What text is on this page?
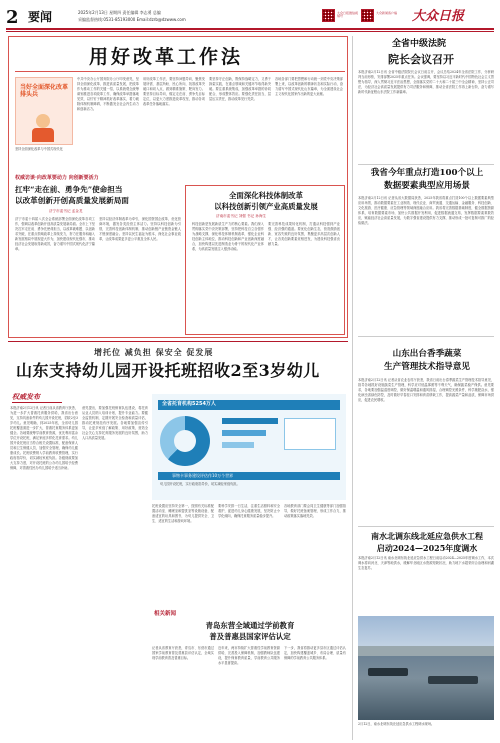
2 要闻	2025年2月13日 星期四 责任编辑 李志勇 总编
采编监督热线:0531-85193000 Email:dzrb@dzwww.com
大众日报微信视频号
大众新闻客户端 大众日报
用好改革工作法
当好全面深化改革排头兵
坚持全面深化改革与中国式现代化
中共中央办公厅国务院办公厅印发意见，坚持全面深化改革，推进高质量发展，把改革作为推动工作的关键一招，以系统观念统筹谋划推进各项改革工作，确保改革举措落地见效，以钉钉子精神抓好改革落实，着力破除体制机制障碍，不断激发全社会内生动力和创新活力。
用好改革工作法，要坚持问题导向，聚焦发展所需、基层所盼、民心所向，找准改革突破口和切入点，做到精准施策、靶向发力。要坚持目标导向，锚定走在前、勇争先目标定位，以更大力度推进改革攻坚，推动各项改革任务落地落实。
要坚持守正创新，既保持战略定力，又勇于探索实践，在重点领域和关键环节取得新突破。要注重系统集成，加强改革举措的协同配合，形成整体效应。要强化责任担当，层层压实责任，推动改革见行见效。
各地各部门要把思想和行动统一到党中央决策部署上来，以改革创新的精神状态和实际行动，奋力谱写中国式现代化山东篇章，为全面建设社会主义现代化国家作出新的更大贡献。
权威访谈·向改革要动力 向创新要活力
扛牢“走在前、勇争先”使命担当
以改革创新开创高质量发展新局面
济宁市委书记 孟金龙
济宁市委十四届八次全会系统部署全面深化改革各项工作，强调以改革创新开创高质量发展新局面。全市上下坚决扛牢走在前、勇争先使命担当，以改革破难题、以创新求突破，在重点领域改革上持续发力，努力在服务和融入新发展格局中展现更大作为，加快建设现代化强市，推动经济社会发展取得新成效，奋力谱写中国式现代化济宁篇章。
坚持以经济体制改革为牵引，深化国资国企改革，优化营商环境，激发各类经营主体活力。坚持以科技创新为引领，完善科技创新体制机制，推动创新链产业链资金链人才链深度融合。坚持以民生福祉为根本，深化社会事业改革，让改革成果更多更公平惠及全体人民。
全面深化科技体制改革
以科技创新引领产业高质量发展
济南市委书记 刘强 书记 孙海生
科技创新是发展新质生产力的核心要素。我们深入贯彻落实党中央决策部署，坚持把科技自立自强作为战略支撑，深化科技体制机制改革，强化企业科技创新主体地位，推动科技创新和产业创新深度融合，加快构建以先进制造业为骨干的现代化产业体系，为高质量发展注入强劲动能。
要完善科技成果转化机制，打通从科技强到产业强、经济强的通道。要优化创新生态，营造鼓励创新、宽容失败的良好氛围，集聚更多高层次创新人才，让各类创新要素竞相迸发，为建设科技强省贡献力量。
增托位 减负担 保安全 促发展
山东支持幼儿园开设托班招收2至3岁幼儿
权威发布
本报济南2月12日讯 记者日前从省教育厅获悉，为进一步扩大普惠托育服务供给，我省出台意见，支持具备条件的幼儿园开设托班，招收2至3岁幼儿。意见明确，到2025年底，全省幼儿园托班覆盖面进一步扩大，普惠托育服务体系更加健全。各地要统筹学前教育资源，优先利用富余学位开设托班，满足家庭多样化托育需求。幼儿园开设托班应当符合相关设置标准，配备保育人员和卫生保健人员，加强安全管理，确保幼儿健康成长。托班收费纳入学前教育收费管理，实行政府指导价，切实减轻家庭负担。各级财政要加大支持力度，对开设托班的公办幼儿园给予经费保障，对普惠性民办幼儿园给予适当补助。
意见提出，要加强托班保育队伍建设，将托育从业人员纳入培训计划，提升专业能力。要健全监管机制，定期开展安全检查和质量评估，推动托班规范有序发展。各地要加强宣传引导，让更多家庭了解政策、用好政策，营造全社会关心支持托育服务发展的良好氛围，助力人口高质量发展。
全省托育机构5254万人
事物卡事务建设评估作10万个世界
幼儿园开设托班，实行政府指导价，切实减轻家庭负担。
托班设置应坚持安全第一，按照有关标准配置活动室、睡眠室和盥洗室等设施设备，配备适宜的玩具和图书，为幼儿提供安全、卫生、适宜的生活和游戏环境。
要科学安排一日生活，注重生活照料和安全看护，促进幼儿身心健康发展，坚决防止小学化倾向，确保托育服务质量稳步提升。
各地教育部门要会同卫生健康等部门加强指导，做好托班备案管理，形成工作合力，推动政策落实落地见效。
相关新闻
青岛东营全域通过学前教育
普及普惠县国家评估认定
记者从省教育厅获悉，青岛市、东营市通过国家学前教育普及普惠县评估认定，全域实现学前教育普及普惠目标。
近年来，两市持续扩大普惠性学前教育资源供给，完善投入保障机制，加强教师队伍建设，提升保育教育质量，学前教育公共服务水平显著提高。
下一步，我省将推动更多县市区通过评估认定，加快构建覆盖城乡、布局合理、质量有保障的学前教育公共服务体系。
全省中级法院
院长会议召开
本报济南2月12日讯 全省中级法院院长会议日前召开，会议总结2024年全省法院工作，分析研判当前形势，安排部署2025年重点任务。会议强调，要坚持以习近平新时代中国特色社会主义思想为指导，深入贯彻习近平法治思想，全面落实党的二十大和二十届三中全会精神，坚持公正司法，为经济社会高质量发展提供有力司法服务和保障，推动全省法院工作再上新台阶，奋力谱写新时代新征程山东法院工作新篇章。
我省今年重点打造100个以上
数据要素典型应用场景
本报济南2月12日讯 记者从省大数据局获悉，2025年我省将重点打造100个以上数据要素典型应用场景，推动数据要素在工业制造、现代农业、商贸流通、交通运输、金融服务、科技创新、文化旅游、医疗健康、应急管理等领域深度融合应用。我省将完善数据基础制度，健全数据资源体系，培育数据要素市场，加快公共数据开发利用，促进数据流通交易，发挥数据要素乘数效应，赋能经济社会高质量发展，为数字强省建设提供有力支撑，推动形成一批可复制可推广的经验做法。
山东出台香季蔬菜
生产管理技术指导意见
本报济南2月12日讯 记者从省农业农村厅获悉，我省日前出台春季蔬菜生产管理技术指导意见，指导各地抓好设施蔬菜生产管理，科学应对低温寡照等不利天气，确保蔬菜稳产保供。意见要求，各地要加强温湿度调控，做好保温增温和通风排湿，合理调控光照条件，科学施肥浇水，强化病虫害绿色防控，及时做好早春茬口安排和育苗移栽工作，提高蔬菜产量和品质，保障市场供应，促进农民增收。
南水北调东线北延应急供水工程
启动2024—2025年度调水
本报济南2月12日讯 南水北调东线北延应急供水工程日前启动2024—2025年度调水工作，本次调水将向河北、天津等地供水，缓解华北地区水资源短缺状况，助力地下水超采综合治理和河湖生态复苏。
2月12日，南水北调东线北延应急供水工程调水现场。
